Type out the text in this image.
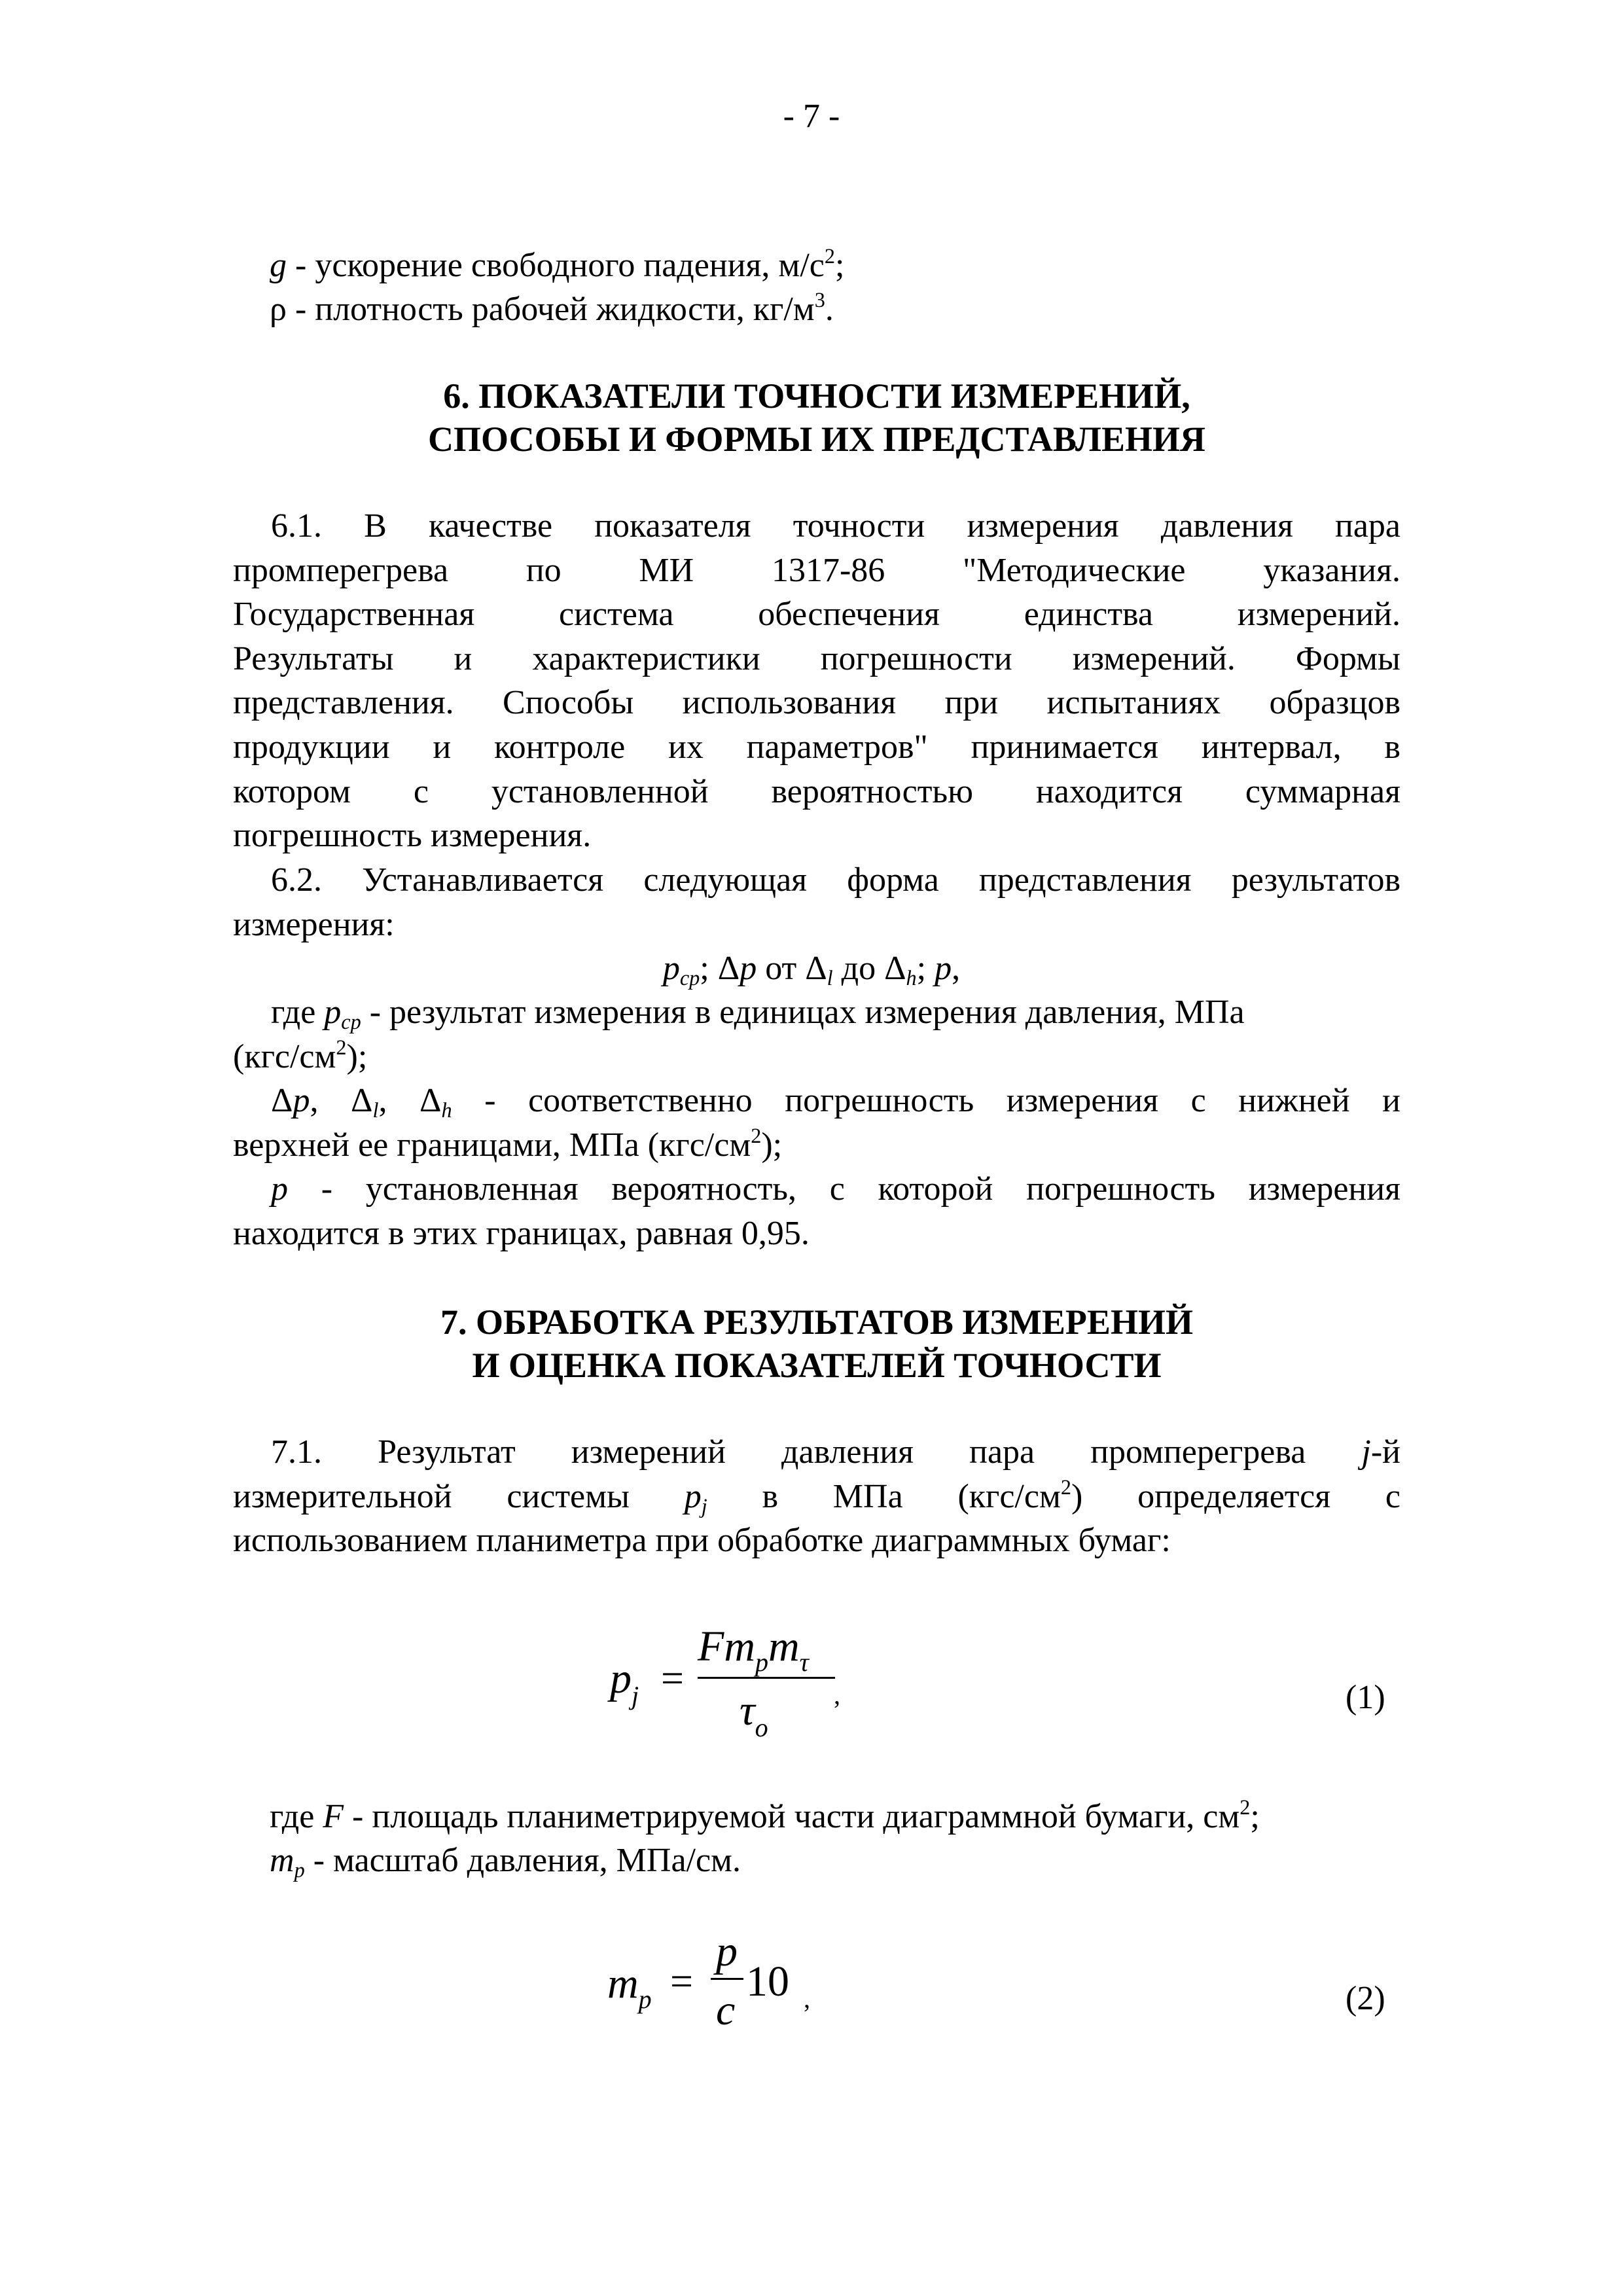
- 7 -
g - ускорение свободного падения, $м/с^2$;
ρ - плотность рабочей жидкости, $кг/м^3$.
6. ПОКАЗАТЕЛИ ТОЧНОСТИ ИЗМЕРЕНИЙ,
СПОСОБЫ И ФОРМЫ ИХ ПРЕДСТАВЛЕНИЯ
6.1. В качестве показателя точности измерения давления пара
промперегрева по МИ 1317-86 "Методические указания.
Государственная система обеспечения единства измерений.
Результаты и характеристики погрешности измерений. Формы
представления. Способы использования при испытаниях образцов
продукции и контроле их параметров" принимается интервал, в
котором с установленной вероятностью находится суммарная
погрешность измерения.
6.2. Устанавливается следующая форма представления результатов
измерения:
$p_{ср}$; Δp от $\Delta_l$ до $\Delta_h$; p,
где $p_{ср}$ - результат измерения в единицах измерения давления, МПа
$(кгс/см^2)$;
Δp, $\Delta_l$, $\Delta_h$ - соответственно погрешность измерения с нижней и
верхней ее границами, МПа $(кгс/см^2)$;
p - установленная вероятность, с которой погрешность измерения
находится в этих границах, равная 0,95.
7. ОБРАБОТКА РЕЗУЛЬТАТОВ ИЗМЕРЕНИЙ
И ОЦЕНКА ПОКАЗАТЕЛЕЙ ТОЧНОСТИ
7.1. Результат измерений давления пара промперегрева j-й
измерительной системы $p_j$ в МПа $(кгс/см^2)$ определяется с
использованием планиметра при обработке диаграммных бумаг:
$p_j$ =
$Fm_pm_\tau$
$\tau_o$
,	(1)
где F - площадь планиметрируемой части диаграммной бумаги, $см^2$;
$m_p$ - масштаб давления, МПа/см.
$m_p$ =
p
c
10 ,	(2)
